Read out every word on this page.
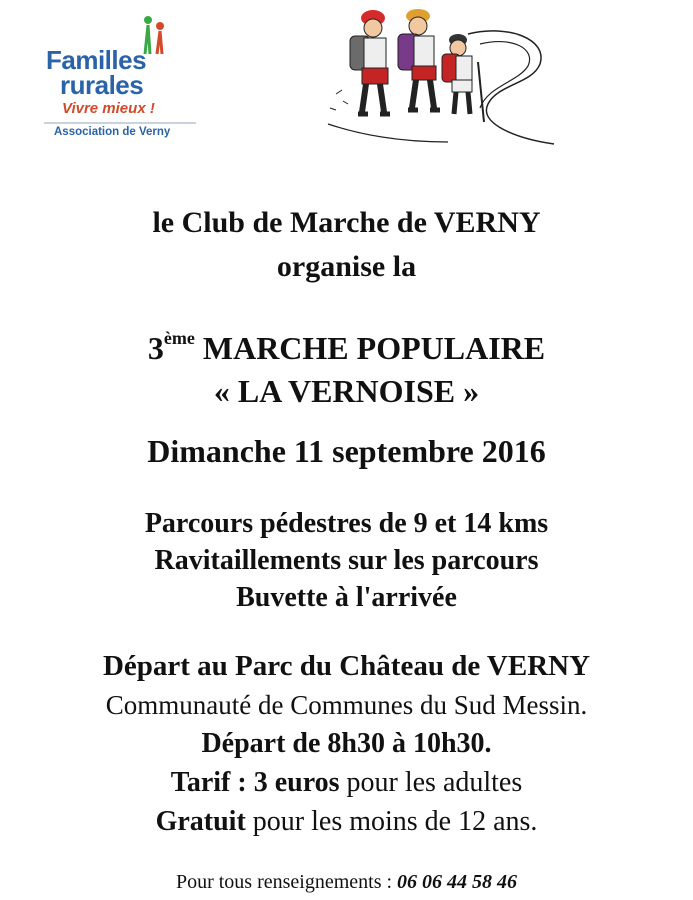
Familles
rurales
Vivre mieux !
Association de Verny
le Club de Marche de VERNY
organise la
3ème MARCHE POPULAIRE
« LA VERNOISE »
Dimanche 11 septembre 2016
Parcours pédestres de 9 et 14 kms
Ravitaillements sur les parcours
Buvette à l'arrivée
Départ au Parc du Château de VERNY
Communauté de Communes du Sud Messin.
Départ de 8h30 à 10h30.
Tarif : 3 euros pour les adultes
Gratuit pour les moins de 12 ans.
Pour tous renseignements : 06 06 44 58 46
